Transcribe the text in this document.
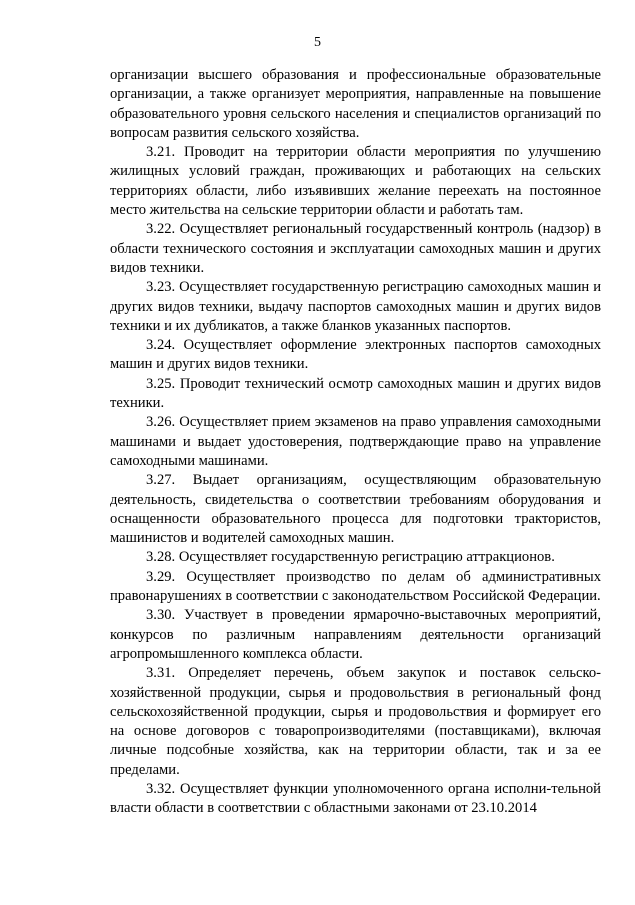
5

организации высшего образования и профессиональные образовательные организации, а также организует мероприятия, направленные на повышение образовательного уровня сельского населения и специалистов организаций по вопросам развития сельского хозяйства.

3.21. Проводит на территории области мероприятия по улучшению жилищных условий граждан, проживающих и работающих на сельских территориях области, либо изъявивших желание переехать на постоянное место жительства на сельские территории области и работать там.

3.22. Осуществляет региональный государственный контроль (надзор) в области технического состояния и эксплуатации самоходных машин и других видов техники.

3.23. Осуществляет государственную регистрацию самоходных машин и других видов техники, выдачу паспортов самоходных машин и других видов техники и их дубликатов, а также бланков указанных паспортов.

3.24. Осуществляет оформление электронных паспортов самоходных машин и других видов техники.

3.25. Проводит технический осмотр самоходных машин и других видов техники.

3.26. Осуществляет прием экзаменов на право управления самоходными машинами и выдает удостоверения, подтверждающие право на управление самоходными машинами.

3.27. Выдает организациям, осуществляющим образовательную деятельность, свидетельства о соответствии требованиям оборудования и оснащенности образовательного процесса для подготовки трактористов, машинистов и водителей самоходных машин.

3.28. Осуществляет государственную регистрацию аттракционов.

3.29. Осуществляет производство по делам об административных правонарушениях в соответствии с законодательством Российской Федерации.

3.30. Участвует в проведении ярмарочно-выставочных мероприятий, конкурсов по различным направлениям деятельности организаций агропромышленного комплекса области.

3.31. Определяет перечень, объем закупок и поставок сельско-хозяйственной продукции, сырья и продовольствия в региональный фонд сельскохозяйственной продукции, сырья и продовольствия и формирует его на основе договоров с товаропроизводителями (поставщиками), включая личные подсобные хозяйства, как на территории области, так и за ее пределами.

3.32. Осуществляет функции уполномоченного органа исполни-тельной власти области в соответствии с областными законами от 23.10.2014
